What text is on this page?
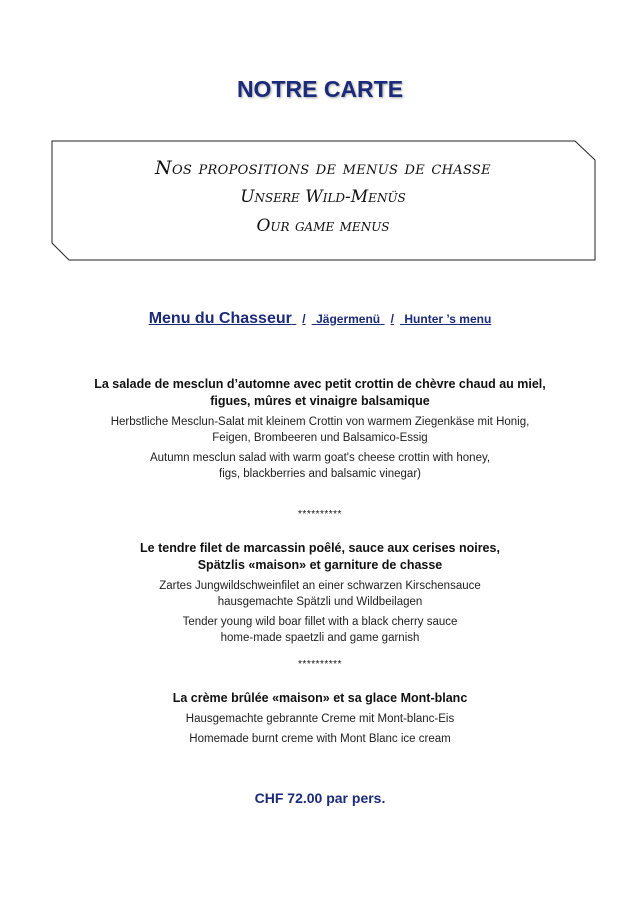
NOTRE CARTE
Nos propositions de menus de chasse
Unsere Wild-Menüs
Our game menus
Menu du Chasseur / Jägermenü / Hunter ’s menu
La salade de mesclun d’automne avec petit crottin de chèvre chaud au miel,
figues, mûres et vinaigre balsamique
Herbstliche Mesclun-Salat mit kleinem Crottin von warmem Ziegenkäse mit Honig,
Feigen, Brombeeren und Balsamico-Essig
Autumn mesclun salad with warm goat's cheese crottin with honey,
figs, blackberries and balsamic vinegar)
**********
Le tendre filet de marcassin poêlé, sauce aux cerises noires,
Spätzlis «maison» et garniture de chasse
Zartes Jungwildschweinfilet an einer schwarzen Kirschensauce
hausgemachte Spätzli und Wildbeilagen
Tender young wild boar fillet with a black cherry sauce
home-made spaetzli and game garnish
**********
La crème brûlée «maison» et sa glace Mont-blanc
Hausgemachte gebrannte Creme mit Mont-blanc-Eis
Homemade burnt creme with Mont Blanc ice cream
CHF 72.00 par pers.
